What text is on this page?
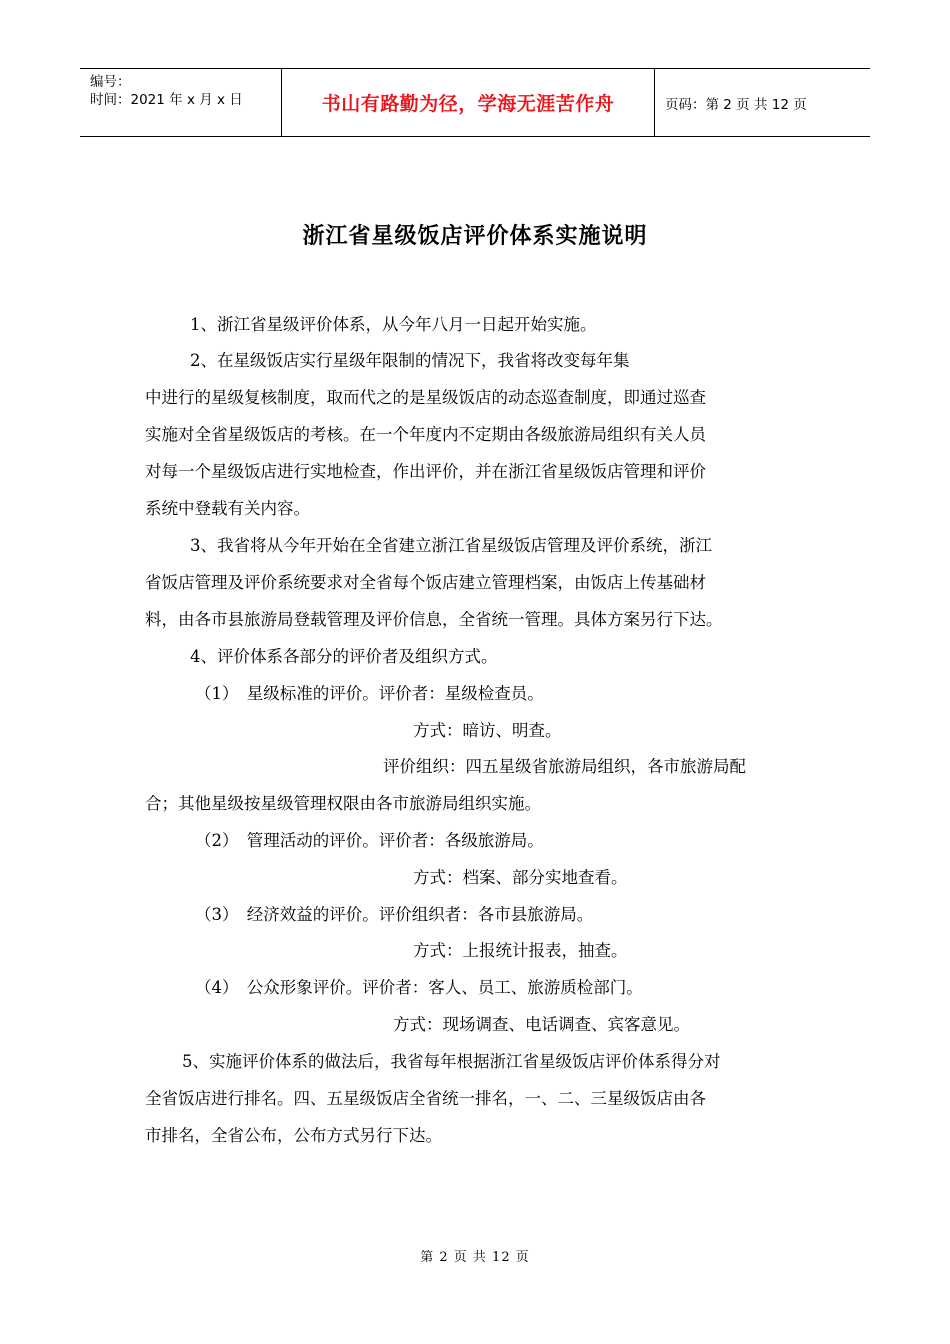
编号：
时间：2021 年 x 月 x 日	书山有路勤为径，学海无涯苦作舟	页码：第 2 页 共 12 页
浙江省星级饭店评价体系实施说明
1、浙江省星级评价体系，从今年八月一日起开始实施。
2、在星级饭店实行星级年限制的情况下，我省将改变每年集
中进行的星级复核制度，取而代之的是星级饭店的动态巡查制度，即通过巡查
实施对全省星级饭店的考核。在一个年度内不定期由各级旅游局组织有关人员
对每一个星级饭店进行实地检查，作出评价，并在浙江省星级饭店管理和评价
系统中登载有关内容。
3、我省将从今年开始在全省建立浙江省星级饭店管理及评价系统，浙江
省饭店管理及评价系统要求对全省每个饭店建立管理档案，由饭店上传基础材
料，由各市县旅游局登载管理及评价信息，全省统一管理。具体方案另行下达。
4、评价体系各部分的评价者及组织方式。
（1）　星级标准的评价。评价者：星级检查员。
方式：暗访、明查。
评价组织：四五星级省旅游局组织，各市旅游局配
合；其他星级按星级管理权限由各市旅游局组织实施。
（2）　管理活动的评价。评价者：各级旅游局。
方式：档案、部分实地查看。
（3）　经济效益的评价。评价组织者：各市县旅游局。
方式：上报统计报表，抽查。
（4）　公众形象评价。评价者：客人、员工、旅游质检部门。
方式：现场调查、电话调查、宾客意见。
5、实施评价体系的做法后，我省每年根据浙江省星级饭店评价体系得分对
全省饭店进行排名。四、五星级饭店全省统一排名，一、二、三星级饭店由各
市排名，全省公布，公布方式另行下达。
第 2 页 共 12 页
